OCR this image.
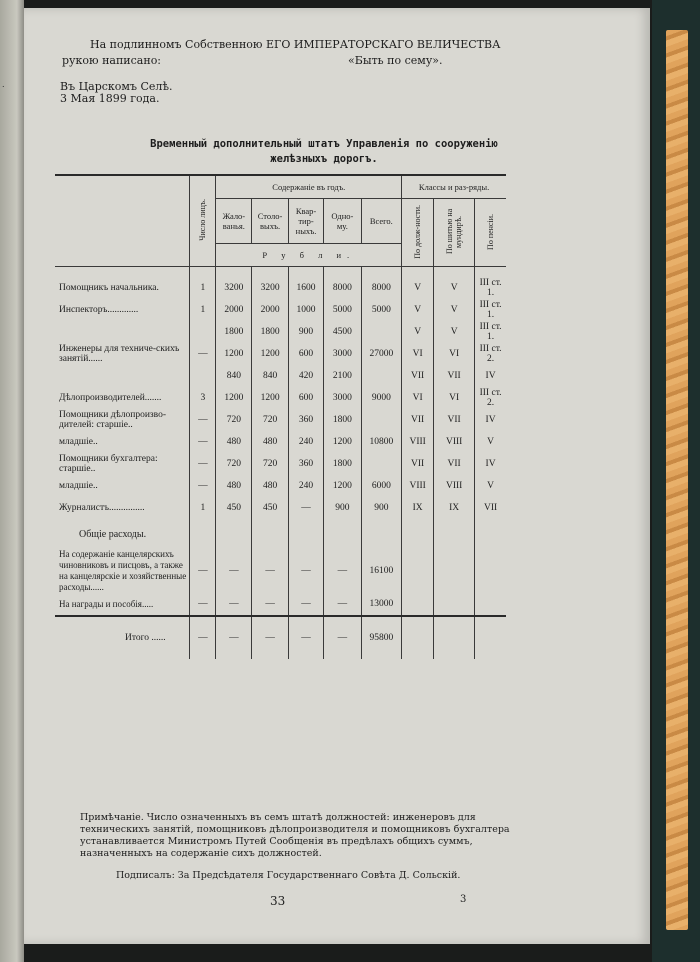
.
На подлинномъ Собственною ЕГО ИМПЕРАТОРСКАГО ВЕЛИЧЕСТВА
рукою написано:	«Быть по сему».
Въ Царскомъ Селѣ.
3 Мая 1899 года.
Временный дополнительный штатъ Управленія по сооруженію
желѣзныхъ дорогъ.
	Число лицъ.	Содержаніе въ годъ.					Классы и раз-ряды.		
		Жало-ванья.	Столо-выхъ.	Квар-тир-ныхъ.	Одно-му.	Всего.	По долж-ности.	По шитью на мундирѣ.	По пенсіи.
		Р у б л и.							
Помощникъ начальника.	1	3200	3200	1600	8000	8000	V	V	III ст. 1.
Инспекторъ.............	1	2000	2000	1000	5000	5000	V	V	III ст. 1.
		1800	1800	900	4500		V	V	III ст. 1.
Инженеры для техниче-скихъ занятій......	—	1200	1200	600	3000	27000	VI	VI	III ст. 2.
		840	840	420	2100		VII	VII	IV
Дѣлопроизводителей.......	3	1200	1200	600	3000	9000	VI	VI	III ст. 2.
Помощники дѣлопроизво-дителей: старшіе..	—	720	720	360	1800		VII	VII	IV
младшіе..	—	480	480	240	1200	10800	VIII	VIII	V
Помощники бухгалтера: старшіе..	—	720	720	360	1800		VII	VII	IV
младшіе..	—	480	480	240	1200	6000	VIII	VIII	V
Журналистъ...............	1	450	450	—	900	900	IX	IX	VII
Общіе расходы.									
На содержаніе канцелярскихъ чиновниковъ и писцовъ, а также на канцелярскіе и хозяйственные расходы......	—	—	—	—	—	16100			
На награды и пособія.....	—	—	—	—	—	13000			
Итого ......	—	—	—	—	—	95800			
Примѣчаніе. Число означенныхъ въ семъ штатѣ должностей: инженеровъ для техническихъ занятій, помощниковъ дѣлопроизводителя и помощниковъ бухгалтера устанавливается Министромъ Путей Сообщенія въ предѣлахъ общихъ суммъ, назначенныхъ на содержаніе сихъ должностей.
Подписалъ: За Предсѣдателя Государственнаго Совѣта Д. Сольскій.
33	3
